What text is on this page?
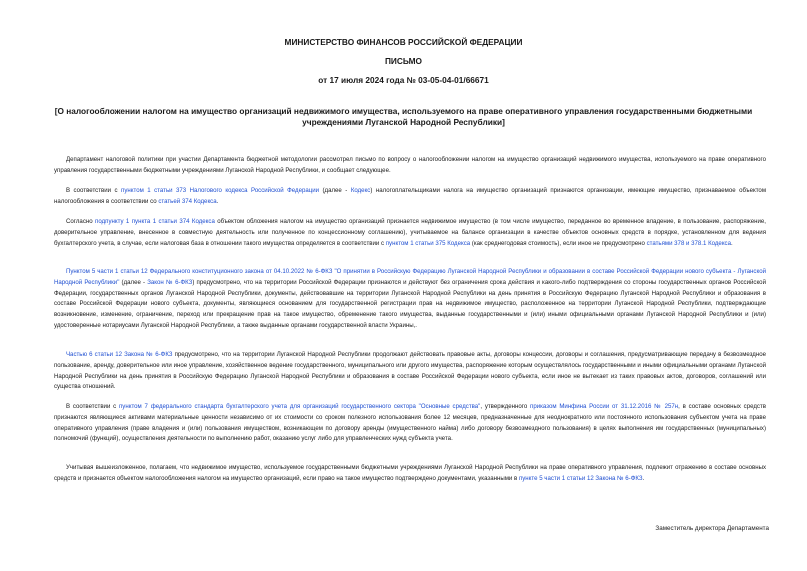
МИНИСТЕРСТВО ФИНАНСОВ РОССИЙСКОЙ ФЕДЕРАЦИИ
ПИСЬМО
от 17 июля 2024 года № 03-05-04-01/66671
[О налогообложении налогом на имущество организаций недвижимого имущества, используемого на праве оперативного управления государственными бюджетными учреждениями Луганской Народной Республики]
Департамент налоговой политики при участии Департамента бюджетной методологии рассмотрел письмо по вопросу о налогообложении налогом на имущество организаций недвижимого имущества, используемого на праве оперативного управления государственными бюджетными учреждениями Луганской Народной Республики, и сообщает следующее.
В соответствии с пунктом 1 статьи 373 Налогового кодекса Российской Федерации (далее - Кодекс) налогоплательщиками налога на имущество организаций признаются организации, имеющие имущество, признаваемое объектом налогообложения в соответствии со статьей 374 Кодекса.
Согласно подпункту 1 пункта 1 статьи 374 Кодекса объектом обложения налогом на имущество организаций признается недвижимое имущество (в том числе имущество, переданное во временное владение, в пользование, распоряжение, доверительное управление, внесенное в совместную деятельность или полученное по концессионному соглашению), учитываемое на балансе организации в качестве объектов основных средств в порядке, установленном для ведения бухгалтерского учета, в случае, если налоговая база в отношении такого имущества определяется в соответствии с пунктом 1 статьи 375 Кодекса (как среднегодовая стоимость), если иное не предусмотрено статьями 378 и 378.1 Кодекса.
Пунктом 5 части 1 статьи 12 Федерального конституционного закона от 04.10.2022 № 6-ФКЗ "О принятии в Российскую Федерацию Луганской Народной Республики и образовании в составе Российской Федерации нового субъекта - Луганской Народной Республики" (далее - Закон № 6-ФКЗ) предусмотрено, что на территории Российской Федерации признаются и действуют без ограничения срока действия и какого-либо подтверждения со стороны государственных органов Российской Федерации, государственных органов Луганской Народной Республики, документы, действовавшие на территории Луганской Народной Республики на день принятия в Российскую Федерацию Луганской Народной Республики и образования в составе Российской Федерации нового субъекта, документы, являющиеся основанием для государственной регистрации прав на недвижимое имущество, расположенное на территории Луганской Народной Республики, подтверждающие возникновение, изменение, ограничение, переход или прекращение прав на такое имущество, обременение такого имущества, выданные государственными и (или) иными официальными органами Луганской Народной Республики и (или) удостоверенные нотариусами Луганской Народной Республики, а также выданные органами государственной власти Украины,.
Частью 6 статьи 12 Закона № 6-ФКЗ предусмотрено, что на территории Луганской Народной Республики продолжают действовать правовые акты, договоры концессии, договоры и соглашения, предусматривающие передачу в безвозмездное пользование, аренду, доверительное или иное управление, хозяйственное ведение государственного, муниципального или другого имущества, распоряжение которым осуществлялось государственными и иными официальными органами Луганской Народной Республики на день принятия в Российскую Федерацию Луганской Народной Республики и образования в составе Российской Федерации нового субъекта, если иное не вытекает из таких правовых актов, договоров, соглашений или существа отношений.
В соответствии с пунктом 7 федерального стандарта бухгалтерского учета для организаций государственного сектора "Основные средства", утвержденного приказом Минфина России от 31.12.2016 № 257н, в составе основных средств признаются являющиеся активами материальные ценности независимо от их стоимости со сроком полезного использования более 12 месяцев, предназначенные для неоднократного или постоянного использования субъектом учета на праве оперативного управления (праве владения и (или) пользования имуществом, возникающем по договору аренды (имущественного найма) либо договору безвозмездного пользования) в целях выполнения им государственных (муниципальных) полномочий (функций), осуществления деятельности по выполнению работ, оказанию услуг либо для управленческих нужд субъекта учета.
Учитывая вышеизложенное, полагаем, что недвижимое имущество, используемое государственными бюджетными учреждениями Луганской Народной Республики на праве оперативного управления, подлежит отражению в составе основных средств и признается объектом налогообложения налогом на имущество организаций, если право на такое имущество подтверждено документами, указанными в пункте 5 части 1 статьи 12 Закона № 6-ФКЗ.
Заместитель директора Департамента
